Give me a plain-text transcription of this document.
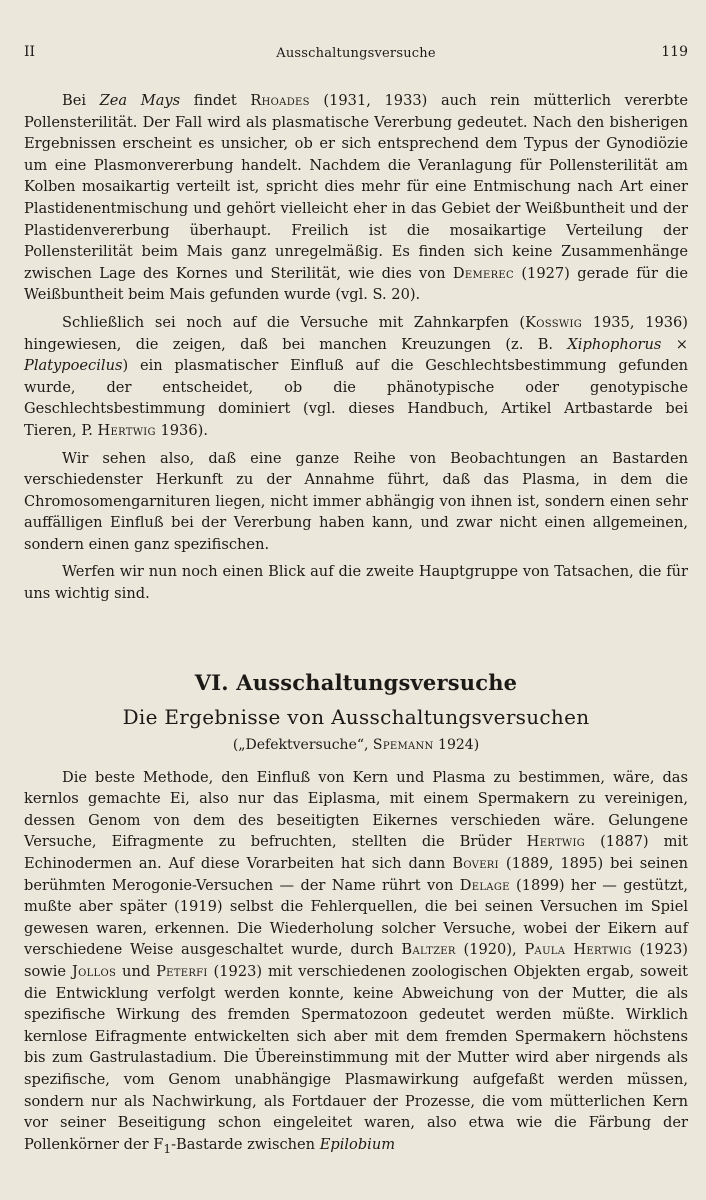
II	Ausschaltungsversuche	119

Bei Zea Mays findet Rhoades (1931, 1933) auch rein mütterlich vererbte Pollensterilität. Der Fall wird als plasmatische Vererbung gedeutet. Nach den bisherigen Ergebnissen erscheint es unsicher, ob er sich entsprechend dem Typus der Gynodiözie um eine Plasmonvererbung handelt. Nachdem die Veranlagung für Pollensterilität am Kolben mosaikartig verteilt ist, spricht dies mehr für eine Entmischung nach Art einer Plastidenentmischung und gehört vielleicht eher in das Gebiet der Weißbuntheit und der Plastidenvererbung überhaupt. Freilich ist die mosaikartige Verteilung der Pollensterilität beim Mais ganz unregelmäßig. Es finden sich keine Zusammenhänge zwischen Lage des Kornes und Sterilität, wie dies von Demerec (1927) gerade für die Weißbuntheit beim Mais gefunden wurde (vgl. S. 20).

Schließlich sei noch auf die Versuche mit Zahnkarpfen (Kosswig 1935, 1936) hingewiesen, die zeigen, daß bei manchen Kreuzungen (z. B. Xiphophorus × Platypoecilus) ein plasmatischer Einfluß auf die Geschlechtsbestimmung gefunden wurde, der entscheidet, ob die phänotypische oder genotypische Geschlechtsbestimmung dominiert (vgl. dieses Handbuch, Artikel Artbastarde bei Tieren, P. Hertwig 1936).

Wir sehen also, daß eine ganze Reihe von Beobachtungen an Bastarden verschiedenster Herkunft zu der Annahme führt, daß das Plasma, in dem die Chromosomengarnituren liegen, nicht immer abhängig von ihnen ist, sondern einen sehr auffälligen Einfluß bei der Vererbung haben kann, und zwar nicht einen allgemeinen, sondern einen ganz spezifischen.

Werfen wir nun noch einen Blick auf die zweite Hauptgruppe von Tatsachen, die für uns wichtig sind.

VI. Ausschaltungsversuche
Die Ergebnisse von Ausschaltungsversuchen
(„Defektversuche“, Spemann 1924)

Die beste Methode, den Einfluß von Kern und Plasma zu bestimmen, wäre, das kernlos gemachte Ei, also nur das Eiplasma, mit einem Spermakern zu vereinigen, dessen Genom von dem des beseitigten Eikernes verschieden wäre. Gelungene Versuche, Eifragmente zu befruchten, stellten die Brüder Hertwig (1887) mit Echinodermen an. Auf diese Vorarbeiten hat sich dann Boveri (1889, 1895) bei seinen berühmten Merogonie-Versuchen — der Name rührt von Delage (1899) her — gestützt, mußte aber später (1919) selbst die Fehlerquellen, die bei seinen Versuchen im Spiel gewesen waren, erkennen. Die Wiederholung solcher Versuche, wobei der Eikern auf verschiedene Weise ausgeschaltet wurde, durch Baltzer (1920), Paula Hertwig (1923) sowie Jollos und Peterfi (1923) mit verschiedenen zoologischen Objekten ergab, soweit die Entwicklung verfolgt werden konnte, keine Abweichung von der Mutter, die als spezifische Wirkung des fremden Spermatozoon gedeutet werden müßte. Wirklich kernlose Eifragmente entwickelten sich aber mit dem fremden Spermakern höchstens bis zum Gastrulastadium. Die Übereinstimmung mit der Mutter wird aber nirgends als spezifische, vom Genom unabhängige Plasmawirkung aufgefaßt werden müssen, sondern nur als Nachwirkung, als Fortdauer der Prozesse, die vom mütterlichen Kern vor seiner Beseitigung schon eingeleitet waren, also etwa wie die Färbung der Pollenkörner der $F_1$-Bastarde zwischen Epilobium
